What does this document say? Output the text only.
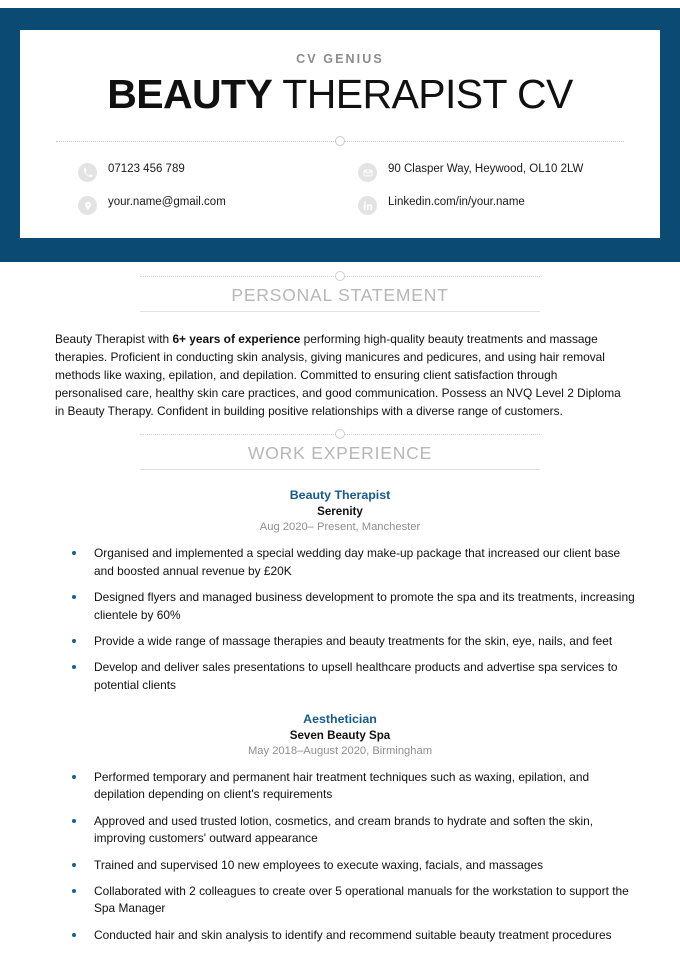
CV GENIUS
BEAUTY THERAPIST CV
07123 456 789
your.name@gmail.com
90 Clasper Way, Heywood, OL10 2LW
Linkedin.com/in/your.name
PERSONAL STATEMENT

Beauty Therapist with 6+ years of experience performing high-quality beauty treatments and massage therapies. Proficient in conducting skin analysis, giving manicures and pedicures, and using hair removal methods like waxing, epilation, and depilation. Committed to ensuring client satisfaction through personalised care, healthy skin care practices, and good communication. Possess an NVQ Level 2 Diploma in Beauty Therapy. Confident in building positive relationships with a diverse range of customers.

WORK EXPERIENCE
Beauty Therapist
Serenity
Aug 2020– Present, Manchester
Organised and implemented a special wedding day make-up package that increased our client base and boosted annual revenue by £20K
Designed flyers and managed business development to promote the spa and its treatments, increasing clientele by 60%
Provide a wide range of massage therapies and beauty treatments for the skin, eye, nails, and feet
Develop and deliver sales presentations to upsell healthcare products and advertise spa services to potential clients
Aesthetician
Seven Beauty Spa
May 2018–August 2020, Birmingham
Performed temporary and permanent hair treatment techniques such as waxing, epilation, and depilation depending on client's requirements
Approved and used trusted lotion, cosmetics, and cream brands to hydrate and soften the skin, improving customers' outward appearance
Trained and supervised 10 new employees to execute waxing, facials, and massages
Collaborated with 2 colleagues to create over 5 operational manuals for the workstation to support the Spa Manager
Conducted hair and skin analysis to identify and recommend suitable beauty treatment procedures
